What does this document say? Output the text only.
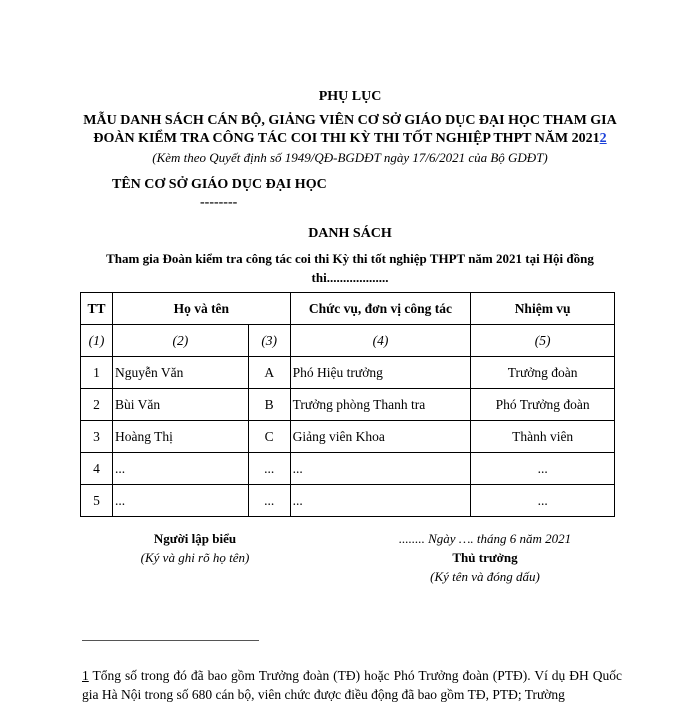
PHỤ LỤC
MẪU DANH SÁCH CÁN BỘ, GIẢNG VIÊN CƠ SỞ GIÁO DỤC ĐẠI HỌC THAM GIA
ĐOÀN KIỂM TRA CÔNG TÁC COI THI KỲ THI TỐT NGHIỆP THPT NĂM 20212
(Kèm theo Quyết định số 1949/QĐ-BGDĐT ngày 17/6/2021 của Bộ GDĐT)
TÊN CƠ SỞ GIÁO DỤC ĐẠI HỌC
--------
DANH SÁCH
Tham gia Đoàn kiểm tra công tác coi thi Kỳ thi tốt nghiệp THPT năm 2021 tại Hội đồng
thi...................
TT	Họ và tên		Chức vụ, đơn vị công tác	Nhiệm vụ
(1)	(2)	(3)	(4)	(5)
1	Nguyễn Văn	A	Phó Hiệu trưởng	Trưởng đoàn
2	Bùi Văn	B	Trưởng phòng Thanh tra	Phó Trưởng đoàn
3	Hoàng Thị	C	Giảng viên Khoa	Thành viên
4	...	...	...	...
5	...	...	...	...
Người lập biểu
(Ký và ghi rõ họ tên)
........ Ngày …. tháng 6 năm 2021
Thủ trưởng
(Ký tên và đóng dấu)
1 Tổng số trong đó đã bao gồm Trưởng đoàn (TĐ) hoặc Phó Trưởng đoàn (PTĐ). Ví dụ ĐH Quốc gia Hà Nội trong số 680 cán bộ, viên chức được điều động đã bao gồm TĐ, PTĐ; Trường
